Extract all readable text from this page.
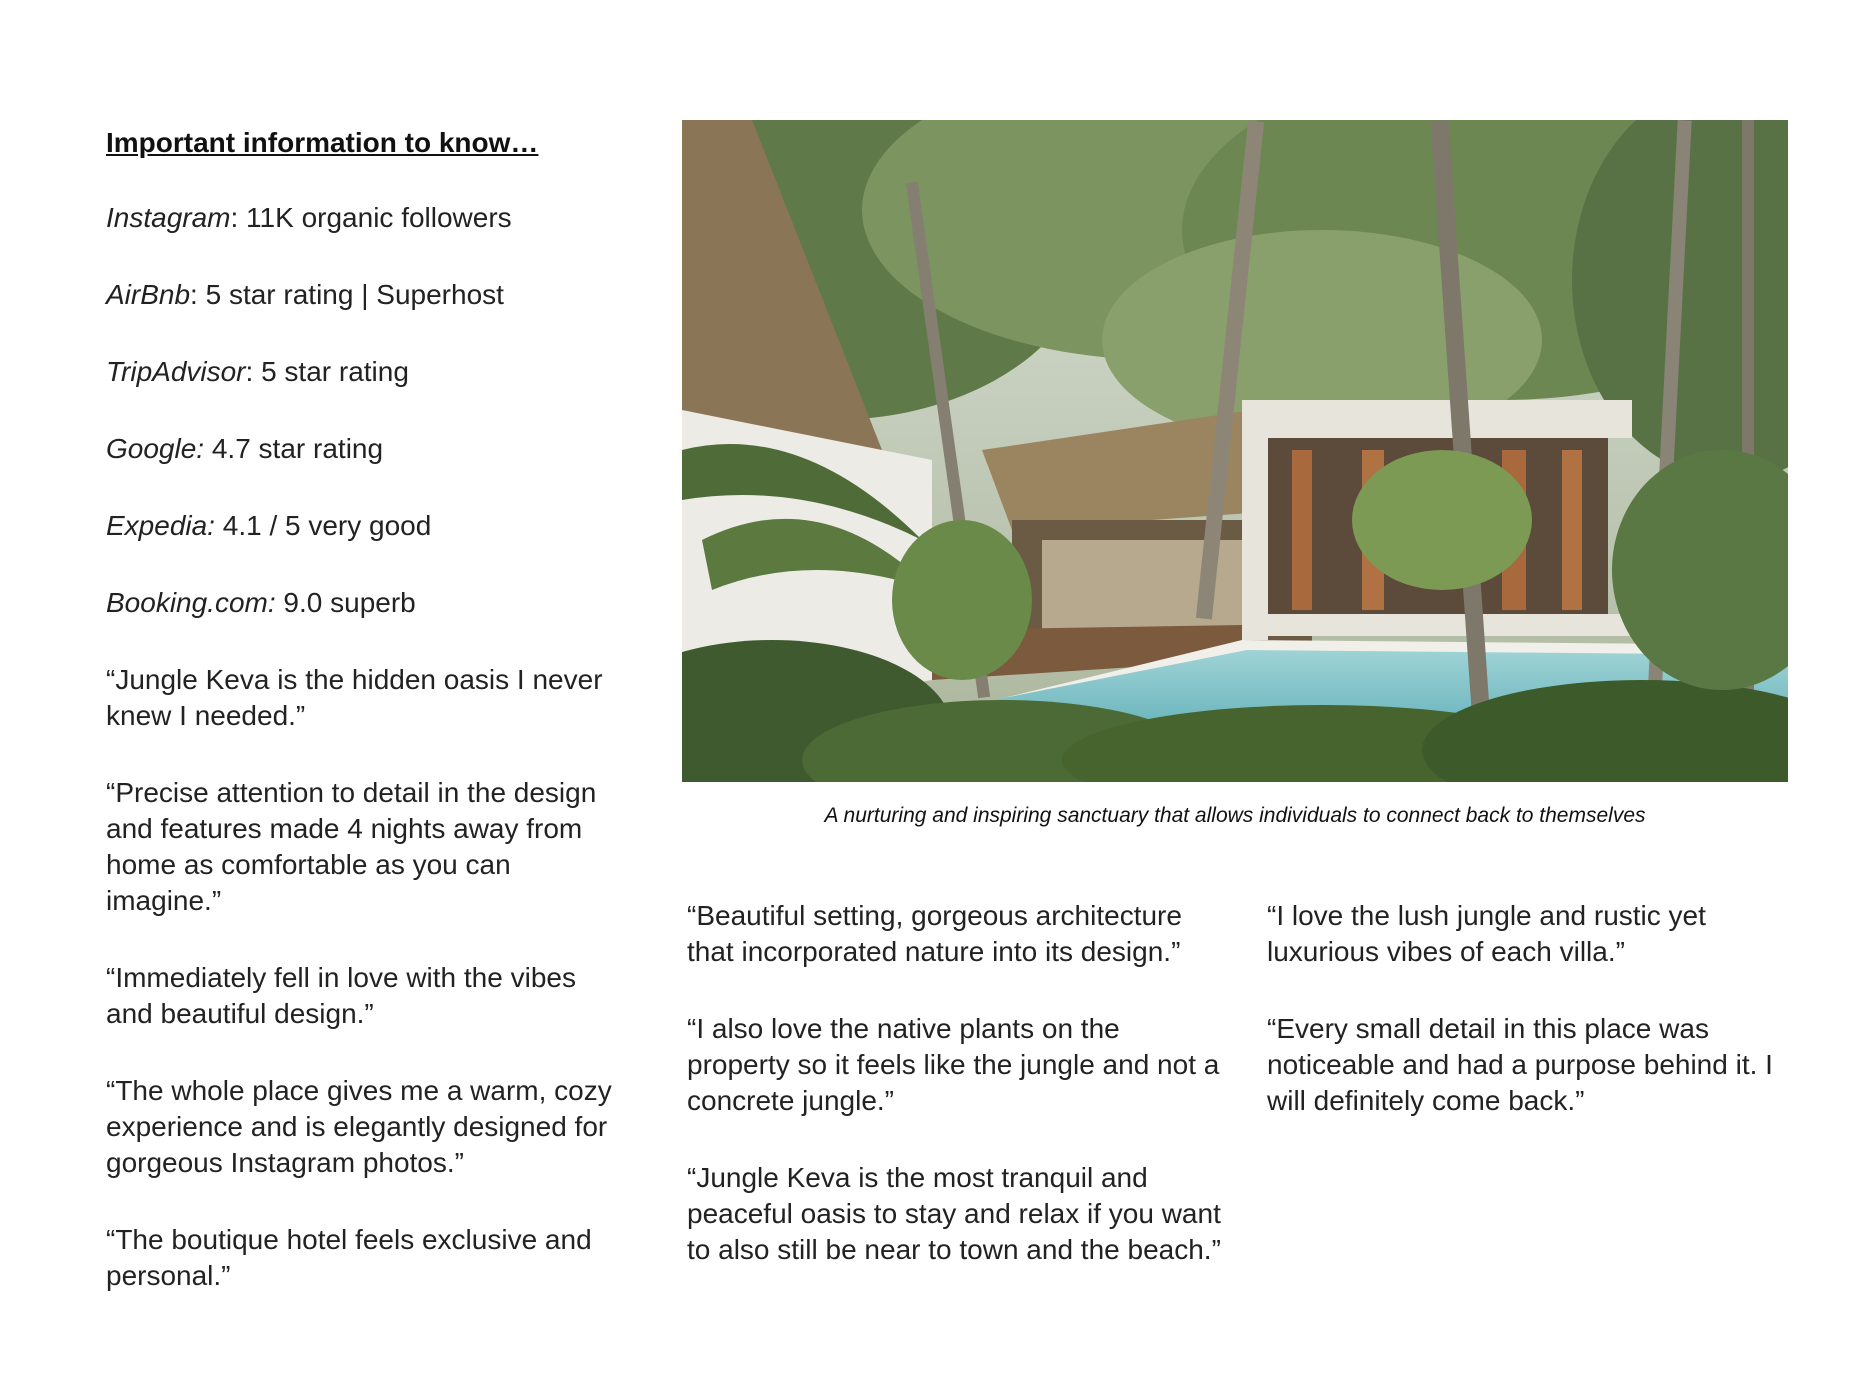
Important information to know…

Instagram: 11K organic followers

AirBnb: 5 star rating | Superhost

TripAdvisor: 5 star rating

Google: 4.7 star rating

Expedia: 4.1 / 5 very good

Booking.com: 9.0 superb

“Jungle Keva is the hidden oasis I never knew I needed.”

“Precise attention to detail in the design and features made 4 nights away from home as comfortable as you can imagine.”

“Immediately fell in love with the vibes and beautiful design.”

“The whole place gives me a warm, cozy experience and is elegantly designed for gorgeous Instagram photos.”

“The boutique hotel feels exclusive and personal.”

A nurturing and inspiring sanctuary that allows individuals to connect back to themselves

“Beautiful setting, gorgeous architecture that incorporated nature into its design.”

“I also love the native plants on the property so it feels like the jungle and not a concrete jungle.”

“Jungle Keva is the most tranquil and peaceful oasis to stay and relax if you want to also still be near to town and the beach.”

“I love the lush jungle and rustic yet luxurious vibes of each villa.”

“Every small detail in this place was noticeable and had a purpose behind it. I will definitely come back.”
